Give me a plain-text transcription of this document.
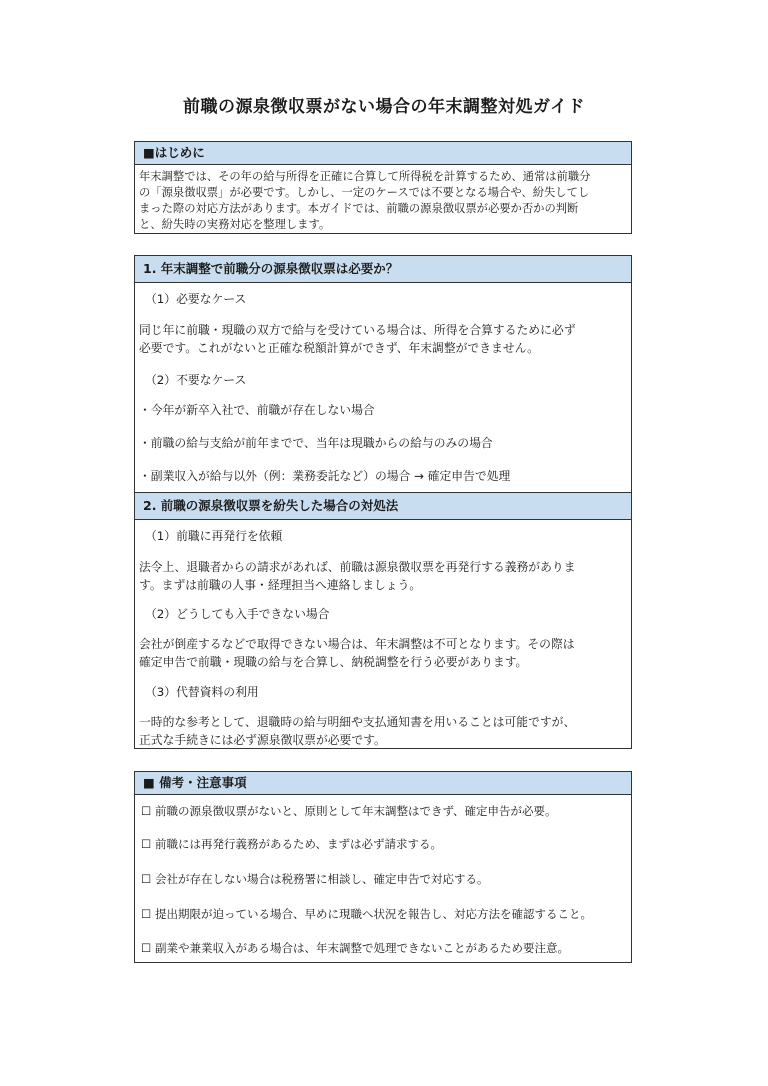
前職の源泉徴収票がない場合の年末調整対処ガイド
■はじめに
年末調整では、その年の給与所得を正確に合算して所得税を計算するため、通常は前職分
の「源泉徴収票」が必要です。しかし、一定のケースでは不要となる場合や、紛失してし
まった際の対応方法があります。本ガイドでは、前職の源泉徴収票が必要か否かの判断
と、紛失時の実務対応を整理します。
1. 年末調整で前職分の源泉徴収票は必要か？
（1）必要なケース
同じ年に前職・現職の双方で給与を受けている場合は、所得を合算するために必ず
必要です。これがないと正確な税額計算ができず、年末調整ができません。
（2）不要なケース
・今年が新卒入社で、前職が存在しない場合
・前職の給与支給が前年までで、当年は現職からの給与のみの場合
・副業収入が給与以外（例：業務委託など）の場合 → 確定申告で処理
2. 前職の源泉徴収票を紛失した場合の対処法
（1）前職に再発行を依頼
法令上、退職者からの請求があれば、前職は源泉徴収票を再発行する義務がありま
す。まずは前職の人事・経理担当へ連絡しましょう。
（2）どうしても入手できない場合
会社が倒産するなどで取得できない場合は、年末調整は不可となります。その際は
確定申告で前職・現職の給与を合算し、納税調整を行う必要があります。
（3）代替資料の利用
一時的な参考として、退職時の給与明細や支払通知書を用いることは可能ですが、
正式な手続きには必ず源泉徴収票が必要です。
■ 備考・注意事項
☐ 前職の源泉徴収票がないと、原則として年末調整はできず、確定申告が必要。
☐ 前職には再発行義務があるため、まずは必ず請求する。
☐ 会社が存在しない場合は税務署に相談し、確定申告で対応する。
☐ 提出期限が迫っている場合、早めに現職へ状況を報告し、対応方法を確認すること。
☐ 副業や兼業収入がある場合は、年末調整で処理できないことがあるため要注意。
